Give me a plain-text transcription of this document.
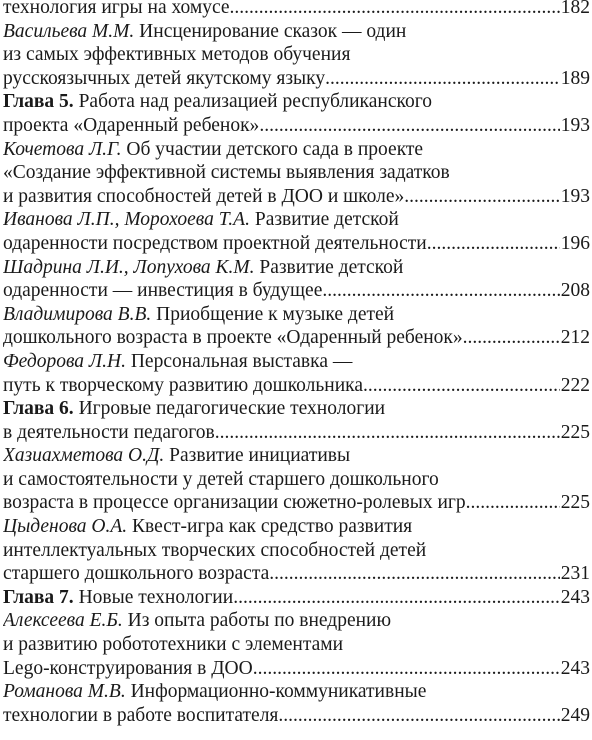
технология игры на хомусе .....	182
Васильева М.М. Инсценирование сказок — один
из самых эффективных методов обучения
русскоязычных детей якутскому языку .....	189
Глава 5. Работа над реализацией республиканского
проекта «Одаренный ребенок» .....	193
Кочетова Л.Г. Об участии детского сада в проекте
«Создание эффективной системы выявления задатков
и развития способностей детей в ДОО и школе» .....	193
Иванова Л.П., Морохоева Т.А. Развитие детской
одаренности посредством проектной деятельности .....	196
Шадрина Л.И., Лопухова К.М. Развитие детской
одаренности — инвестиция в будущее .....	208
Владимирова В.В. Приобщение к музыке детей
дошкольного возраста в проекте «Одаренный ребенок» .....	212
Федорова Л.Н. Персональная выставка —
путь к творческому развитию дошкольника .....	222
Глава 6. Игровые педагогические технологии
в деятельности педагогов .....	225
Хазиахметова О.Д. Развитие инициативы
и самостоятельности у детей старшего дошкольного
возраста в процессе организации сюжетно-ролевых игр .....	225
Цыденова О.А. Квест-игра как средство развития
интеллектуальных творческих способностей детей
старшего дошкольного возраста .....	231
Глава 7. Новые технологии .....	243
Алексеева Е.Б. Из опыта работы по внедрению
и развитию робототехники с элементами
Lego-конструирования в ДОО .....	243
Романова М.В. Информационно-коммуникативные
технологии в работе воспитателя .....	249
